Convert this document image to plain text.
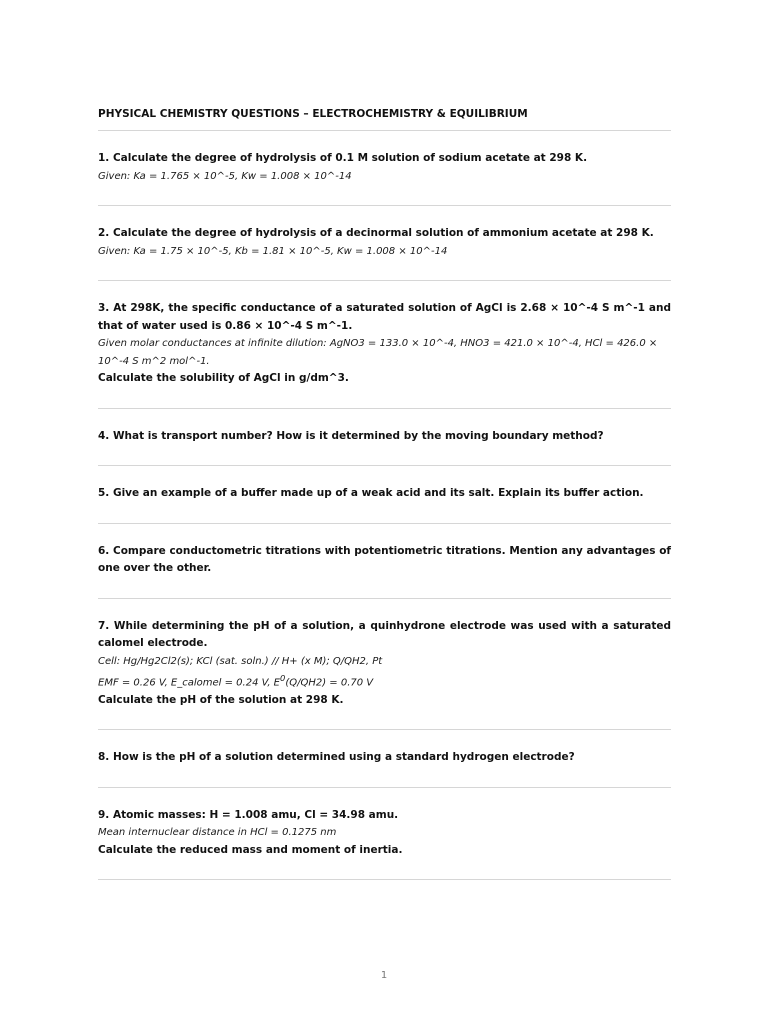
PHYSICAL CHEMISTRY QUESTIONS – ELECTROCHEMISTRY & EQUILIBRIUM
1. Calculate the degree of hydrolysis of 0.1 M solution of sodium acetate at 298 K.
Given: Ka = 1.765 × 10^-5, Kw = 1.008 × 10^-14
2. Calculate the degree of hydrolysis of a decinormal solution of ammonium acetate at 298 K.
Given: Ka = 1.75 × 10^-5, Kb = 1.81 × 10^-5, Kw = 1.008 × 10^-14
3. At 298K, the specific conductance of a saturated solution of AgCl is 2.68 × 10^-4 S m^-1 and that of water used is 0.86 × 10^-4 S m^-1.
Given molar conductances at infinite dilution: AgNO3 = 133.0 × 10^-4, HNO3 = 421.0 × 10^-4, HCl = 426.0 × 10^-4 S m^2 mol^-1.
Calculate the solubility of AgCl in g/dm^3.
4. What is transport number? How is it determined by the moving boundary method?
5. Give an example of a buffer made up of a weak acid and its salt. Explain its buffer action.
6. Compare conductometric titrations with potentiometric titrations. Mention any advantages of one over the other.
7. While determining the pH of a solution, a quinhydrone electrode was used with a saturated calomel electrode.
Cell: Hg/Hg2Cl2(s); KCl (sat. soln.) // H+ (x M); Q/QH2, Pt
EMF = 0.26 V, E_calomel = 0.24 V, $E^0(Q/QH2) = 0.70$ V
Calculate the pH of the solution at 298 K.
8. How is the pH of a solution determined using a standard hydrogen electrode?
9. Atomic masses: H = 1.008 amu, Cl = 34.98 amu.
Mean internuclear distance in HCl = 0.1275 nm
Calculate the reduced mass and moment of inertia.
1
